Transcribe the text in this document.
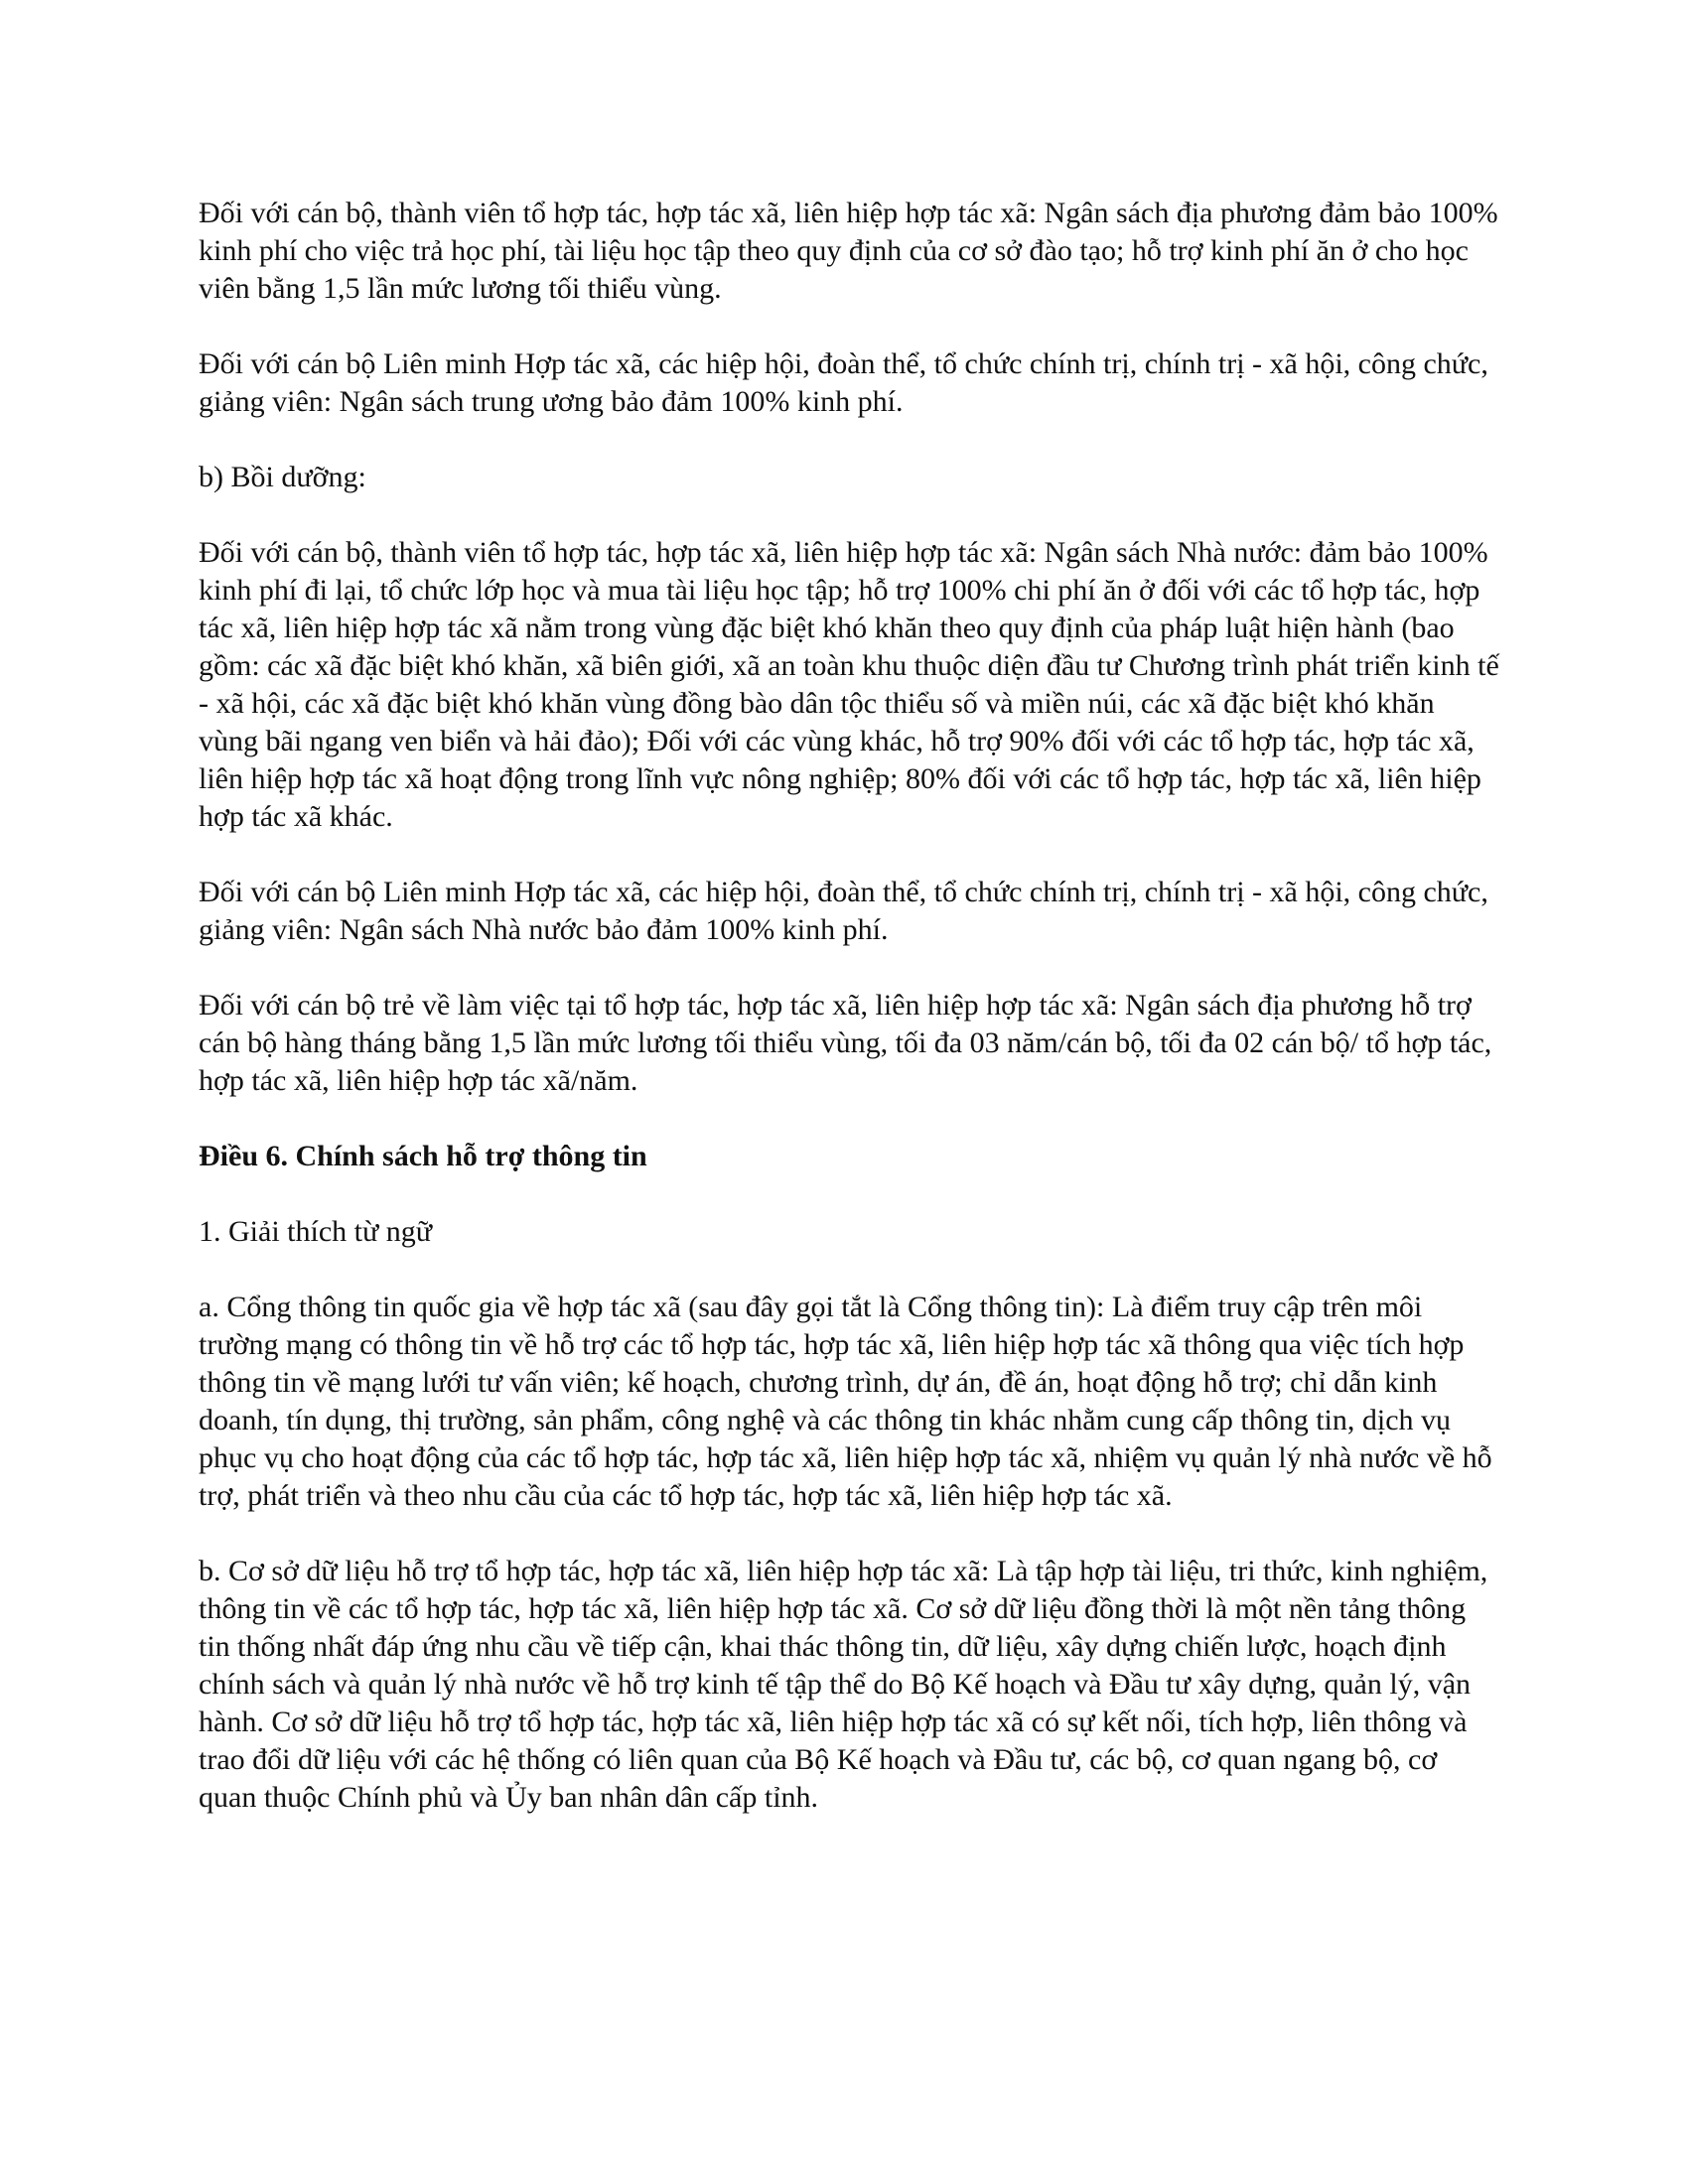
Đối với cán bộ, thành viên tổ hợp tác, hợp tác xã, liên hiệp hợp tác xã: Ngân sách địa phương đảm bảo 100% kinh phí cho việc trả học phí, tài liệu học tập theo quy định của cơ sở đào tạo; hỗ trợ kinh phí ăn ở cho học viên bằng 1,5 lần mức lương tối thiểu vùng.

Đối với cán bộ Liên minh Hợp tác xã, các hiệp hội, đoàn thể, tổ chức chính trị, chính trị - xã hội, công chức, giảng viên: Ngân sách trung ương bảo đảm 100% kinh phí.

b) Bồi dưỡng:

Đối với cán bộ, thành viên tổ hợp tác, hợp tác xã, liên hiệp hợp tác xã: Ngân sách Nhà nước: đảm bảo 100% kinh phí đi lại, tổ chức lớp học và mua tài liệu học tập; hỗ trợ 100% chi phí ăn ở đối với các tổ hợp tác, hợp tác xã, liên hiệp hợp tác xã nằm trong vùng đặc biệt khó khăn theo quy định của pháp luật hiện hành (bao gồm: các xã đặc biệt khó khăn, xã biên giới, xã an toàn khu thuộc diện đầu tư Chương trình phát triển kinh tế - xã hội, các xã đặc biệt khó khăn vùng đồng bào dân tộc thiểu số và miền núi, các xã đặc biệt khó khăn vùng bãi ngang ven biển và hải đảo); Đối với các vùng khác, hỗ trợ 90% đối với các tổ hợp tác, hợp tác xã, liên hiệp hợp tác xã hoạt động trong lĩnh vực nông nghiệp; 80% đối với các tổ hợp tác, hợp tác xã, liên hiệp hợp tác xã khác.

Đối với cán bộ Liên minh Hợp tác xã, các hiệp hội, đoàn thể, tổ chức chính trị, chính trị - xã hội, công chức, giảng viên: Ngân sách Nhà nước bảo đảm 100% kinh phí.

Đối với cán bộ trẻ về làm việc tại tổ hợp tác, hợp tác xã, liên hiệp hợp tác xã: Ngân sách địa phương hỗ trợ cán bộ hàng tháng bằng 1,5 lần mức lương tối thiểu vùng, tối đa 03 năm/cán bộ, tối đa 02 cán bộ/ tổ hợp tác, hợp tác xã, liên hiệp hợp tác xã/năm.

Điều 6. Chính sách hỗ trợ thông tin

1. Giải thích từ ngữ

a. Cổng thông tin quốc gia về hợp tác xã (sau đây gọi tắt là Cổng thông tin): Là điểm truy cập trên môi trường mạng có thông tin về hỗ trợ các tổ hợp tác, hợp tác xã, liên hiệp hợp tác xã thông qua việc tích hợp thông tin về mạng lưới tư vấn viên; kế hoạch, chương trình, dự án, đề án, hoạt động hỗ trợ; chỉ dẫn kinh doanh, tín dụng, thị trường, sản phẩm, công nghệ và các thông tin khác nhằm cung cấp thông tin, dịch vụ phục vụ cho hoạt động của các tổ hợp tác, hợp tác xã, liên hiệp hợp tác xã, nhiệm vụ quản lý nhà nước về hỗ trợ, phát triển và theo nhu cầu của các tổ hợp tác, hợp tác xã, liên hiệp hợp tác xã.

b. Cơ sở dữ liệu hỗ trợ tổ hợp tác, hợp tác xã, liên hiệp hợp tác xã: Là tập hợp tài liệu, tri thức, kinh nghiệm, thông tin về các tổ hợp tác, hợp tác xã, liên hiệp hợp tác xã. Cơ sở dữ liệu đồng thời là một nền tảng thông tin thống nhất đáp ứng nhu cầu về tiếp cận, khai thác thông tin, dữ liệu, xây dựng chiến lược, hoạch định chính sách và quản lý nhà nước về hỗ trợ kinh tế tập thể do Bộ Kế hoạch và Đầu tư xây dựng, quản lý, vận hành. Cơ sở dữ liệu hỗ trợ tổ hợp tác, hợp tác xã, liên hiệp hợp tác xã có sự kết nối, tích hợp, liên thông và trao đổi dữ liệu với các hệ thống có liên quan của Bộ Kế hoạch và Đầu tư, các bộ, cơ quan ngang bộ, cơ quan thuộc Chính phủ và Ủy ban nhân dân cấp tỉnh.
